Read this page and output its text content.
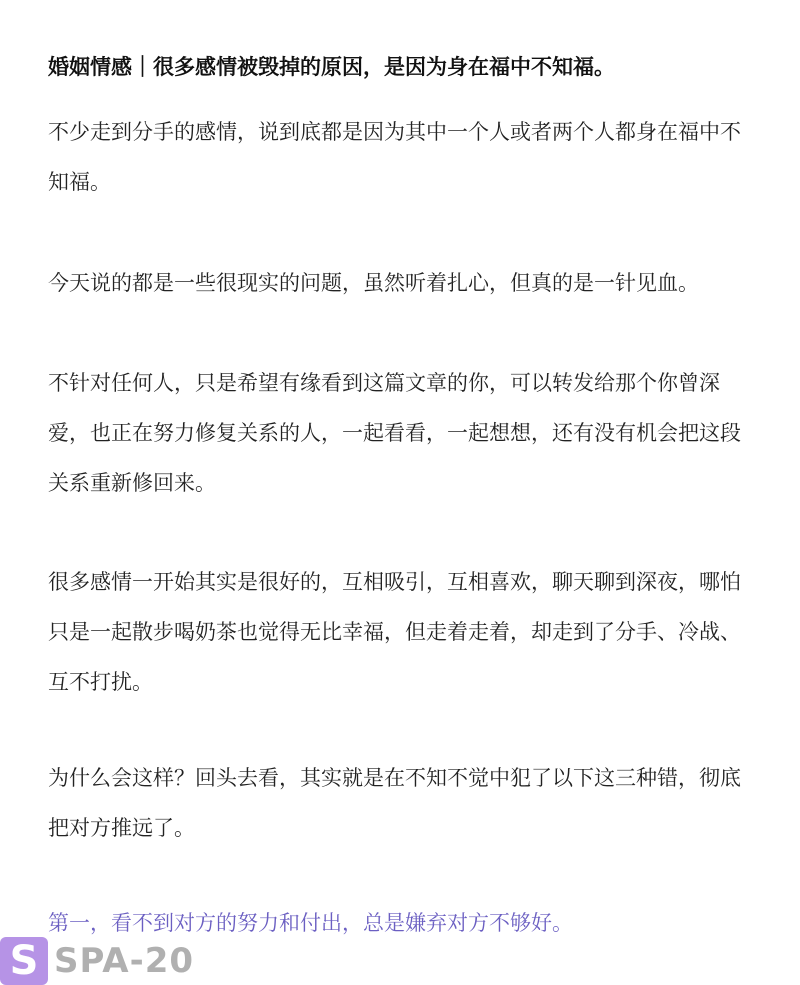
婚姻情感｜很多感情被毁掉的原因，是因为身在福中不知福。

不少走到分手的感情，说到底都是因为其中一个人或者两个人都身在福中不知福。

今天说的都是一些很现实的问题，虽然听着扎心，但真的是一针见血。

不针对任何人，只是希望有缘看到这篇文章的你，可以转发给那个你曾深爱，也正在努力修复关系的人，一起看看，一起想想，还有没有机会把这段关系重新修回来。

很多感情一开始其实是很好的，互相吸引，互相喜欢，聊天聊到深夜，哪怕只是一起散步喝奶茶也觉得无比幸福，但走着走着，却走到了分手、冷战、互不打扰。

为什么会这样？回头去看，其实就是在不知不觉中犯了以下这三种错，彻底把对方推远了。

第一，看不到对方的努力和付出，总是嫌弃对方不够好。

S SPA-20
